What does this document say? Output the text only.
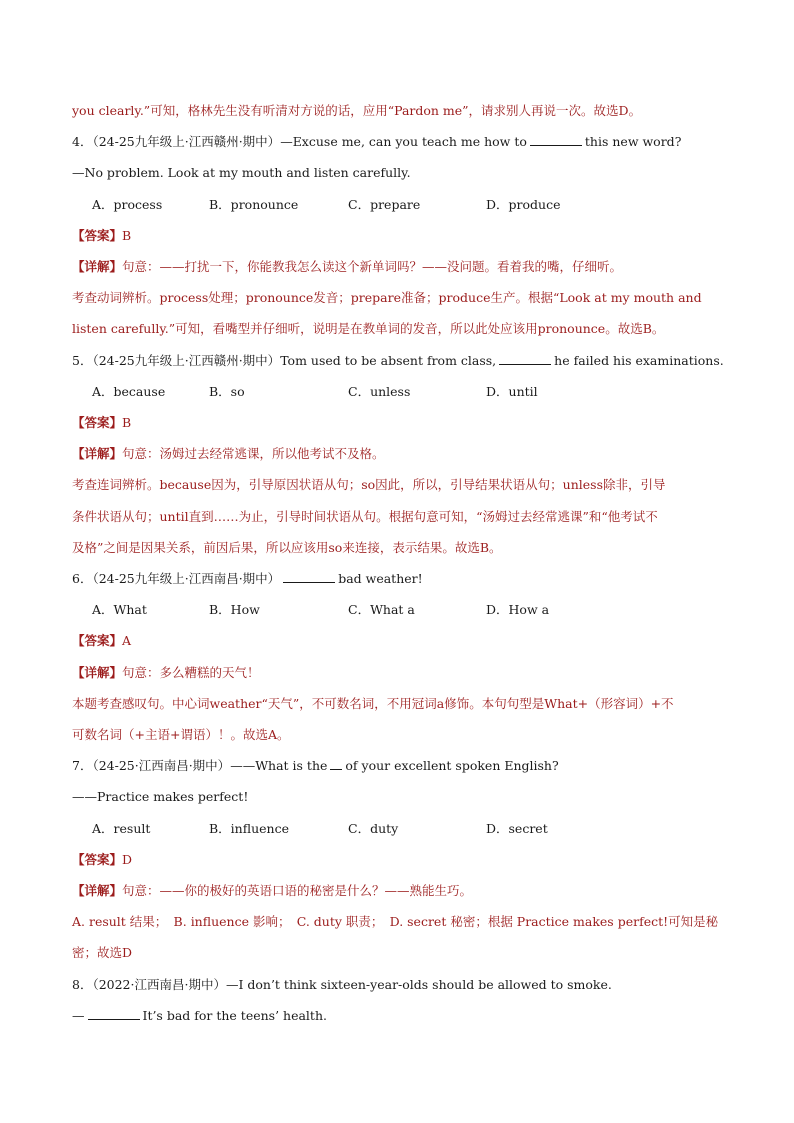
you clearly.”可知，格林先生没有听清对方说的话，应用“Pardon me”，请求别人再说一次。故选D。
4．（24-25九年级上·江西赣州·期中）—Excuse me, can you teach me how to	this new word?
—No problem. Look at my mouth and listen carefully.
A．process	B．pronounce	C．prepare	D．produce
【答案】B
【详解】句意：——打扰一下，你能教我怎么读这个新单词吗？——没问题。看着我的嘴，仔细听。
考查动词辨析。process处理；pronounce发音；prepare准备；produce生产。根据“Look at my mouth and
listen carefully.”可知，看嘴型并仔细听，说明是在教单词的发音，所以此处应该用pronounce。故选B。
5．（24-25九年级上·江西赣州·期中）Tom used to be absent from class,	he failed his examinations.
A．because	B．so	C．unless	D．until
【答案】B
【详解】句意：汤姆过去经常逃课，所以他考试不及格。
考查连词辨析。because因为，引导原因状语从句；so因此，所以，引导结果状语从句；unless除非，引导
条件状语从句；until直到……为止，引导时间状语从句。根据句意可知，“汤姆过去经常逃课”和“他考试不
及格”之间是因果关系，前因后果，所以应该用so来连接，表示结果。故选B。
6．（24-25九年级上·江西南昌·期中）	bad weather!
A．What	B．How	C．What a	D．How a
【答案】A
【详解】句意：多么糟糕的天气！
本题考查感叹句。中心词weather“天气”，不可数名词，不用冠词a修饰。本句句型是What+（形容词）+不
可数名词（+主语+谓语）！。故选A。
7．（24-25·江西南昌·期中）——What is the of your excellent spoken English?
——Practice makes perfect!
A．result	B．influence	C．duty	D．secret
【答案】D
【详解】句意：——你的极好的英语口语的秘密是什么？——熟能生巧。
A. result 结果；　B. influence 影响；　C. duty 职责；　D. secret 秘密；根据 Practice makes perfect!可知是秘
密；故选D
8．（2022·江西南昌·期中）—I don’t think sixteen-year-olds should be allowed to smoke.
—	It’s bad for the teens’ health.
